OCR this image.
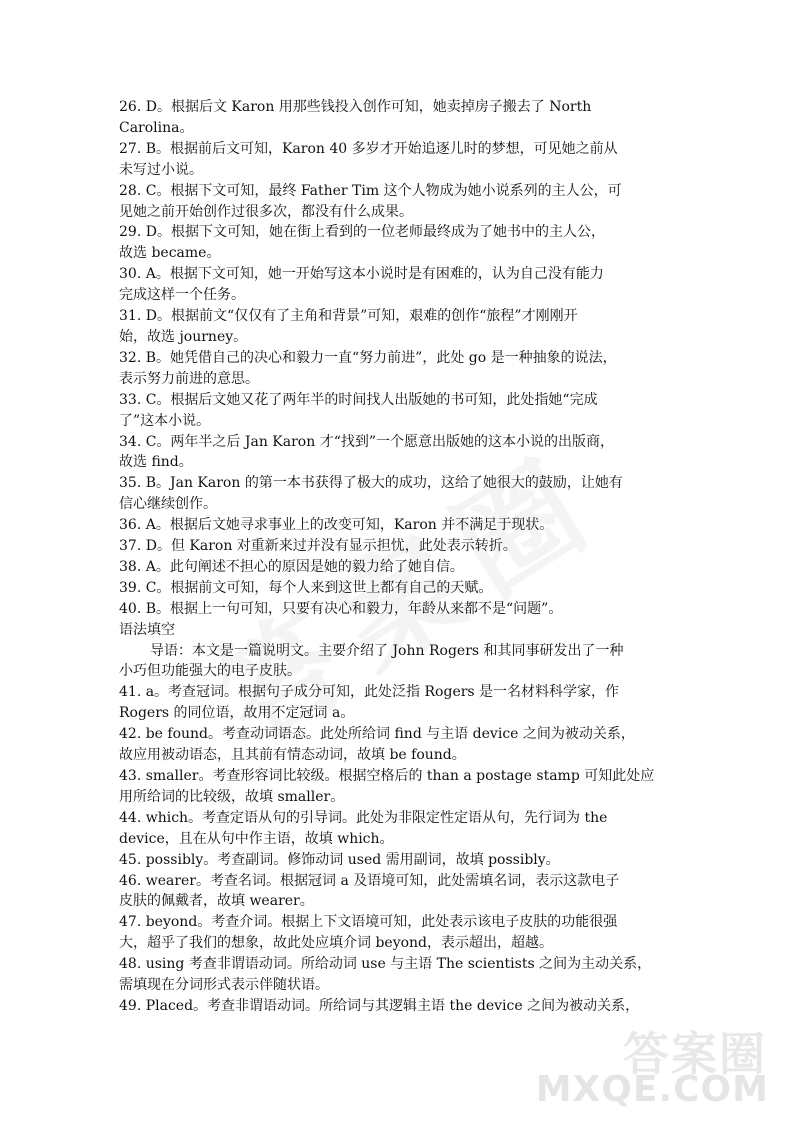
26. D。根据后文 Karon 用那些钱投入创作可知，她卖掉房子搬去了 North
Carolina。
27. B。根据前后文可知，Karon 40 多岁才开始追逐儿时的梦想，可见她之前从
未写过小说。
28. C。根据下文可知，最终 Father Tim 这个人物成为她小说系列的主人公，可
见她之前开始创作过很多次，都没有什么成果。
29. D。根据下文可知，她在街上看到的一位老师最终成为了她书中的主人公，
故选 became。
30. A。根据下文可知，她一开始写这本小说时是有困难的，认为自己没有能力
完成这样一个任务。
31. D。根据前文“仅仅有了主角和背景”可知，艰难的创作“旅程”才刚刚开
始，故选 journey。
32. B。她凭借自己的决心和毅力一直“努力前进”，此处 go 是一种抽象的说法，
表示努力前进的意思。
33. C。根据后文她又花了两年半的时间找人出版她的书可知，此处指她“完成
了”这本小说。
34. C。两年半之后 Jan Karon 才“找到”一个愿意出版她的这本小说的出版商，
故选 find。
35. B。Jan Karon 的第一本书获得了极大的成功，这给了她很大的鼓励，让她有
信心继续创作。
36. A。根据后文她寻求事业上的改变可知，Karon 并不满足于现状。
37. D。但 Karon 对重新来过并没有显示担忧，此处表示转折。
38. A。此句阐述不担心的原因是她的毅力给了她自信。
39. C。根据前文可知，每个人来到这世上都有自己的天赋。
40. B。根据上一句可知，只要有决心和毅力，年龄从来都不是“问题”。
语法填空
导语：本文是一篇说明文。主要介绍了 John Rogers 和其同事研发出了一种
小巧但功能强大的电子皮肤。
41. a。考查冠词。根据句子成分可知，此处泛指 Rogers 是一名材料科学家，作
Rogers 的同位语，故用不定冠词 a。
42. be found。考查动词语态。此处所给词 find 与主语 device 之间为被动关系，
故应用被动语态，且其前有情态动词，故填 be found。
43. smaller。考查形容词比较级。根据空格后的 than a postage stamp 可知此处应
用所给词的比较级，故填 smaller。
44. which。考查定语从句的引导词。此处为非限定性定语从句，先行词为 the
device，且在从句中作主语，故填 which。
45. possibly。考查副词。修饰动词 used 需用副词，故填 possibly。
46. wearer。考查名词。根据冠词 a 及语境可知，此处需填名词，表示这款电子
皮肤的佩戴者，故填 wearer。
47. beyond。考查介词。根据上下文语境可知，此处表示该电子皮肤的功能很强
大，超乎了我们的想象，故此处应填介词 beyond，表示超出，超越。
48. using 考查非谓语动词。所给动词 use 与主语 The scientists 之间为主动关系，
需填现在分词形式表示伴随状语。
49. Placed。考查非谓语动词。所给词与其逻辑主语 the device 之间为被动关系，
答案圈
MXQE.COM
